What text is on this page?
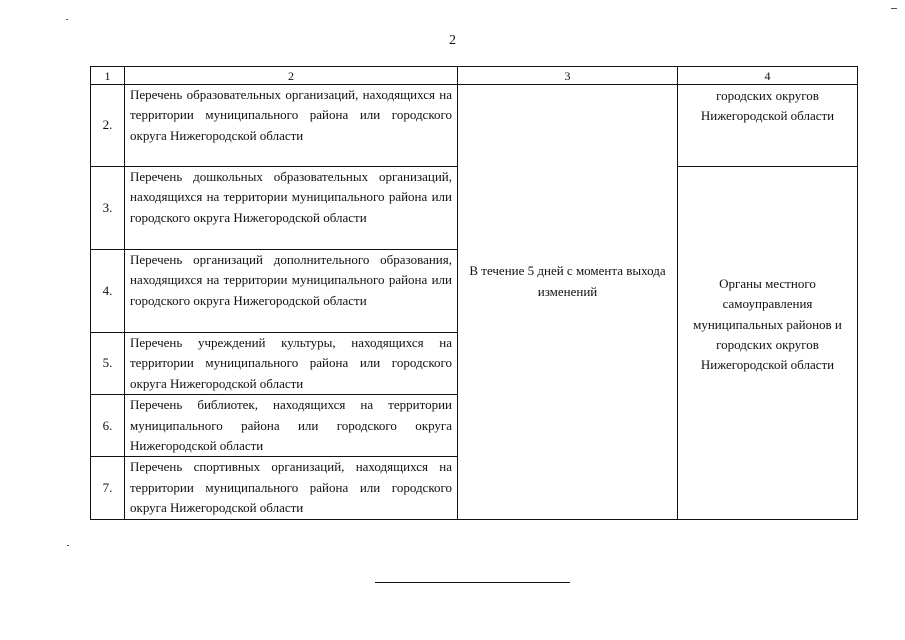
2
1	2	3	4
2.	Перечень образовательных организаций, находящихся на территории муниципального района или городского округа Нижегородской области	В течение 5 дней с момента выхода изменений	городских округов Нижегородской области
3.	Перечень дошкольных образовательных организаций, находящихся на территории муниципального района или городского округа Нижегородской области		Органы местного самоуправления муниципальных районов и городских округов Нижегородской области
4.	Перечень организаций дополнительного образования, находящихся на территории муниципального района или городского округа Нижегородской области		
5.	Перечень учреждений культуры, находящихся на территории муниципального района или городского округа Нижегородской области		
6.	Перечень библиотек, находящихся на территории муниципального района или городского округа Нижегородской области		
7.	Перечень спортивных организаций, находящихся на территории муниципального района или городского округа Нижегородской области		
